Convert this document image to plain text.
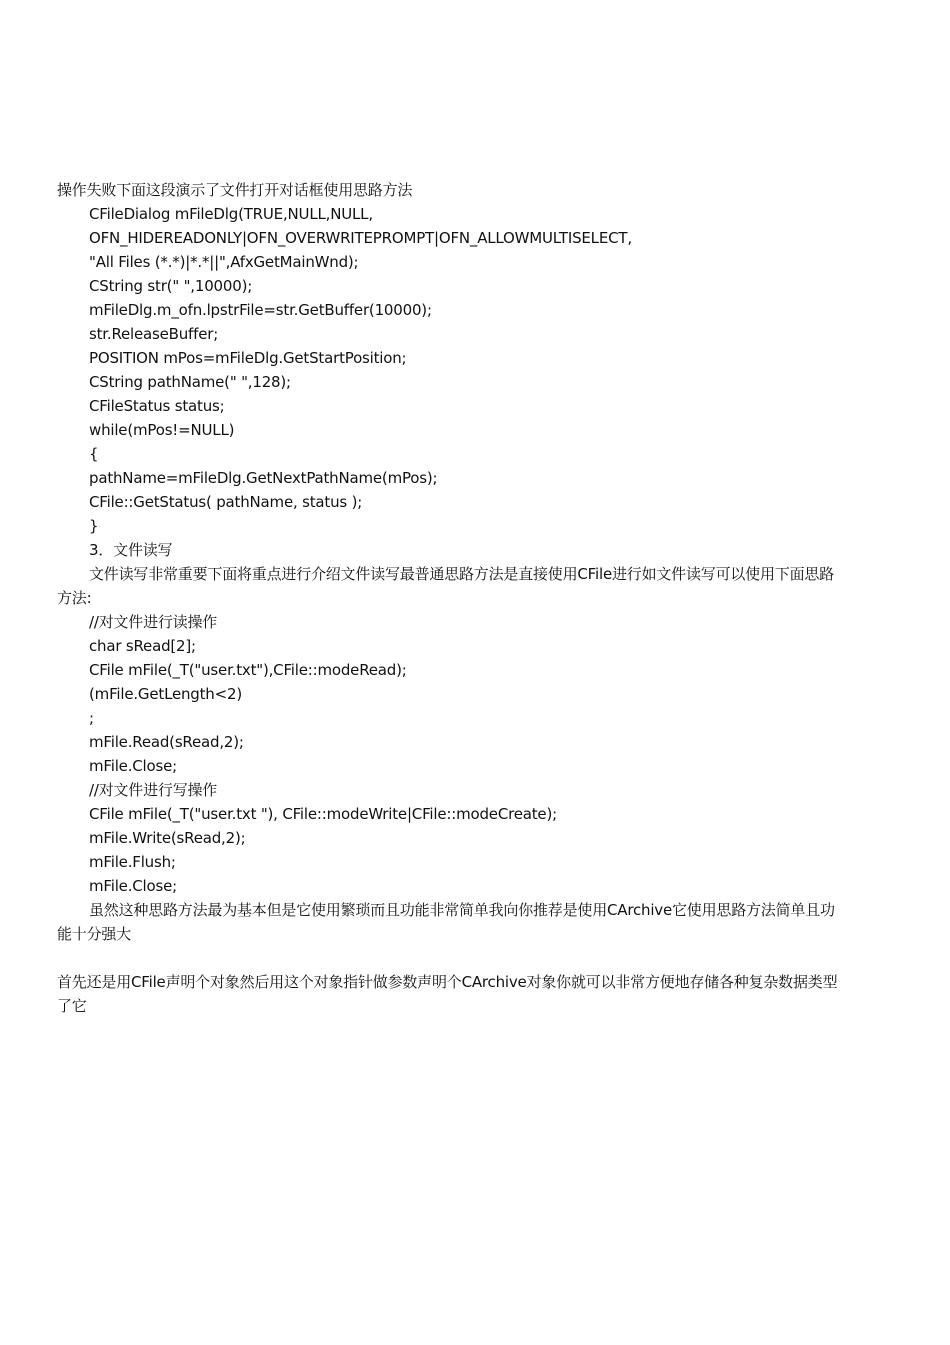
操作失败下面这段演示了文件打开对话框使用思路方法
CFileDialog mFileDlg(TRUE,NULL,NULL,
OFN_HIDEREADONLY|OFN_OVERWRITEPROMPT|OFN_ALLOWMULTISELECT,
"All Files (*.*)|*.*||",AfxGetMainWnd);
CString str(" ",10000);
mFileDlg.m_ofn.lpstrFile=str.GetBuffer(10000);
str.ReleaseBuffer;
POSITION mPos=mFileDlg.GetStartPosition;
CString pathName(" ",128);
CFileStatus status;
while(mPos!=NULL)
{
pathName=mFileDlg.GetNextPathName(mPos);
CFile::GetStatus( pathName, status );
}
3．文件读写
文件读写非常重要下面将重点进行介绍文件读写最普通思路方法是直接使用CFile进行如文件读写可以使用下面思路方法:
//对文件进行读操作
char sRead[2];
CFile mFile(_T("user.txt"),CFile::modeRead);
(mFile.GetLength<2)
;
mFile.Read(sRead,2);
mFile.Close;
//对文件进行写操作
CFile mFile(_T("user.txt "), CFile::modeWrite|CFile::modeCreate);
mFile.Write(sRead,2);
mFile.Flush;
mFile.Close;
虽然这种思路方法最为基本但是它使用繁琐而且功能非常简单我向你推荐是使用CArchive它使用思路方法简单且功能十分强大
首先还是用CFile声明个对象然后用这个对象指针做参数声明个CArchive对象你就可以非常方便地存储各种复杂数据类型了它
